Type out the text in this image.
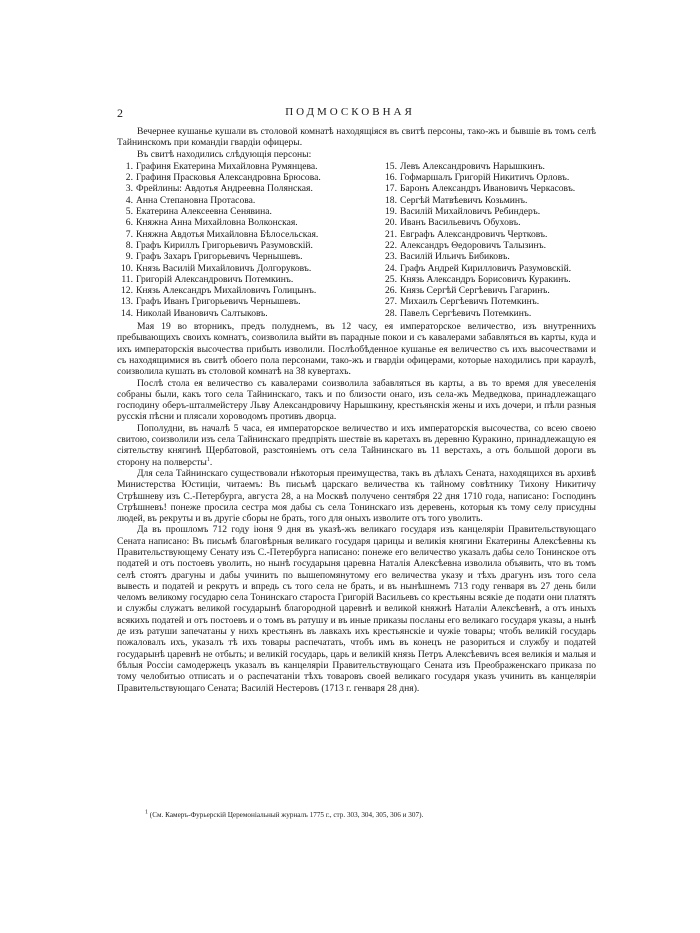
2	ПОДМОСКОВНАЯ

Вечернее кушанье кушали въ столовой комнатѣ находящіяся въ свитѣ персоны, тако-жъ и бывшіе въ томъ селѣ Тайнинскомъ при командіи гвардіи офицеры.

Въ свитѣ находились слѣдующія персоны:

1. Графиня Екатерина Михайловна Румянцева.
2. Графиня Прасковья Александровна Брюсова.
3. Фрейлины: Авдотья Андреевна Полянская.
4. Анна Степановна Протасова.
5. Екатерина Алексеевна Сенявина.
6. Княжна Анна Михайловна Волконская.
7. Княжна Авдотья Михайловна Бѣлосельская.
8. Графъ Кириллъ Григорьевичъ Разумовскій.
9. Графъ Захаръ Григорьевичъ Чернышевъ.
10. Князь Василій Михайловичъ Долгоруковъ.
11. Григорій Александровичъ Потемкинъ.
12. Князь Александръ Михайловичъ Голицынъ.
13. Графъ Иванъ Григорьевичъ Чернышевъ.
14. Николай Ивановичъ Салтыковъ.
15. Левъ Александровичъ Нарышкинъ.
16. Гофмаршалъ Григорій Никитичъ Орловъ.
17. Баронъ Александръ Ивановичъ Черкасовъ.
18. Сергѣй Матвѣевичъ Козьминъ.
19. Василій Михайловичъ Ребиндеръ.
20. Иванъ Васильевичъ Обуховъ.
21. Евграфъ Александровичъ Чертковъ.
22. Александръ Θедоровичъ Талызинъ.
23. Василій Ильичъ Бибиковъ.
24. Графъ Андрей Кирилловичъ Разумовскій.
25. Князь Александръ Борисовичъ Куракинъ.
26. Князь Сергѣй Сергѣевичъ Гагаринъ.
27. Михаилъ Сергѣевичъ Потемкинъ.
28. Павелъ Сергѣевичъ Потемкинъ.

Мая 19 во вторникъ, предъ полуднемъ, въ 12 часу, ея императорское величество, изъ внутреннихъ пребывающихъ своихъ комнатъ, соизволила выйти въ парадные покои и съ кавалерами забавляться въ карты, куда и ихъ императорскія высочества прибыть изволили. Послѣобѣденное кушанье ея величество съ ихъ высочествами и съ находящимися въ свитѣ обоего пола персонами, тако-жъ и гвардіи офицерами, которые находились при караулѣ, соизволила кушать въ столовой комнатѣ на 38 кувертахъ.

Послѣ стола ея величество съ кавалерами соизволила забавляться въ карты, а въ то время для увеселенія собраны были, какъ того села Тайнинскаго, такъ и по близости онаго, изъ села-жъ Медведкова, принадлежащаго господину оберъ-шталмейстеру Льву Александровичу Нарышкину, крестьянскія жены и ихъ дочери, и пѣли разныя русскія пѣсни и плясали хороводомъ противъ дворца.

Пополудни, въ началѣ 5 часа, ея императорское величество и ихъ императорскія высочества, со всею своею свитою, соизволили изъ села Тайнинскаго предпріять шествіе въ каретахъ въ деревню Куракино, принадлежащую ея сіятельству княгинѣ Щербатовой, разстояніемъ отъ села Тайнинскаго въ 11 верстахъ, а отъ большой дороги въ сторону на полверсты$^1$.

Для села Тайнинскаго существовали нѣкоторыя преимущества, такъ въ дѣлахъ Сената, находящихся въ архивѣ Министерства Юстиціи, читаемъ: Въ письмѣ царскаго величества къ тайному совѣтнику Тихону Никитичу Стрѣшневу изъ С.-Петербурга, августа 28, а на Москвѣ получено сентября 22 дня 1710 года, написано: Господинъ Стрѣшневъ! понеже просила сестра моя дабы съ села Тонинскаго изъ деревень, которыя къ тому селу присудны людей, въ рекруты и въ другіе сборы не брать, того для оныхъ изволите отъ того уволить.

Да въ прошломъ 712 году іюня 9 дня въ указѣ-жъ великаго государя изъ канцеляріи Правительствующаго Сената написано: Въ письмѣ благовѣрныя великаго государя царицы и великія княгини Екатерины Алексѣевны къ Правительствующему Сенату изъ С.-Петербурга написано: понеже его величество указалъ дабы село Тонинское отъ податей и отъ постоевъ уволить, но нынѣ государыня царевна Наталія Алексѣевна изволила объявить, что въ томъ селѣ стоятъ драгуны и дабы учинить по вышепомянутому его величества указу и тѣхъ драгунъ изъ того села вывесть и податей и рекрутъ и впредь съ того села не брать, и въ нынѣшнемъ 713 году генваря въ 27 день били челомъ великому государю села Тонинскаго староста Григорій Васильевъ со крестьяны всякіе де подати они платятъ и службы служатъ великой государынѣ благородной царевнѣ и великой княжнѣ Наталіи Алексѣевнѣ, а отъ иныхъ всякихъ податей и отъ постоевъ и о томъ въ ратушу и въ иные приказы посланы его великаго государя указы, а нынѣ де изъ ратуши запечатаны у нихъ крестьянъ въ лавкахъ ихъ крестьянскіе и чужіе товары; чтобъ великій государь пожаловалъ ихъ, указалъ тѣ ихъ товары распечатать, чтобъ имъ въ конецъ не разориться и службу и податей государынѣ царевнѣ не отбыть; и великій государь, царь и великій князь Петръ Алексѣевичъ всея великія и малыя и бѣлыя Россіи самодержецъ указалъ въ канцеляріи Правительствующаго Сената изъ Преображенскаго приказа по тому челобитью отписать и о распечатаніи тѣхъ товаровъ своей великаго государя указъ учинить въ канцеляріи Правительствующаго Сената; Василій Нестеровъ (1713 г. генваря 28 дня).

$^1$ (См. Камеръ-Фурьерскій Церемоніальный журналъ 1775 г., стр. 303, 304, 305, 306 и 307).
